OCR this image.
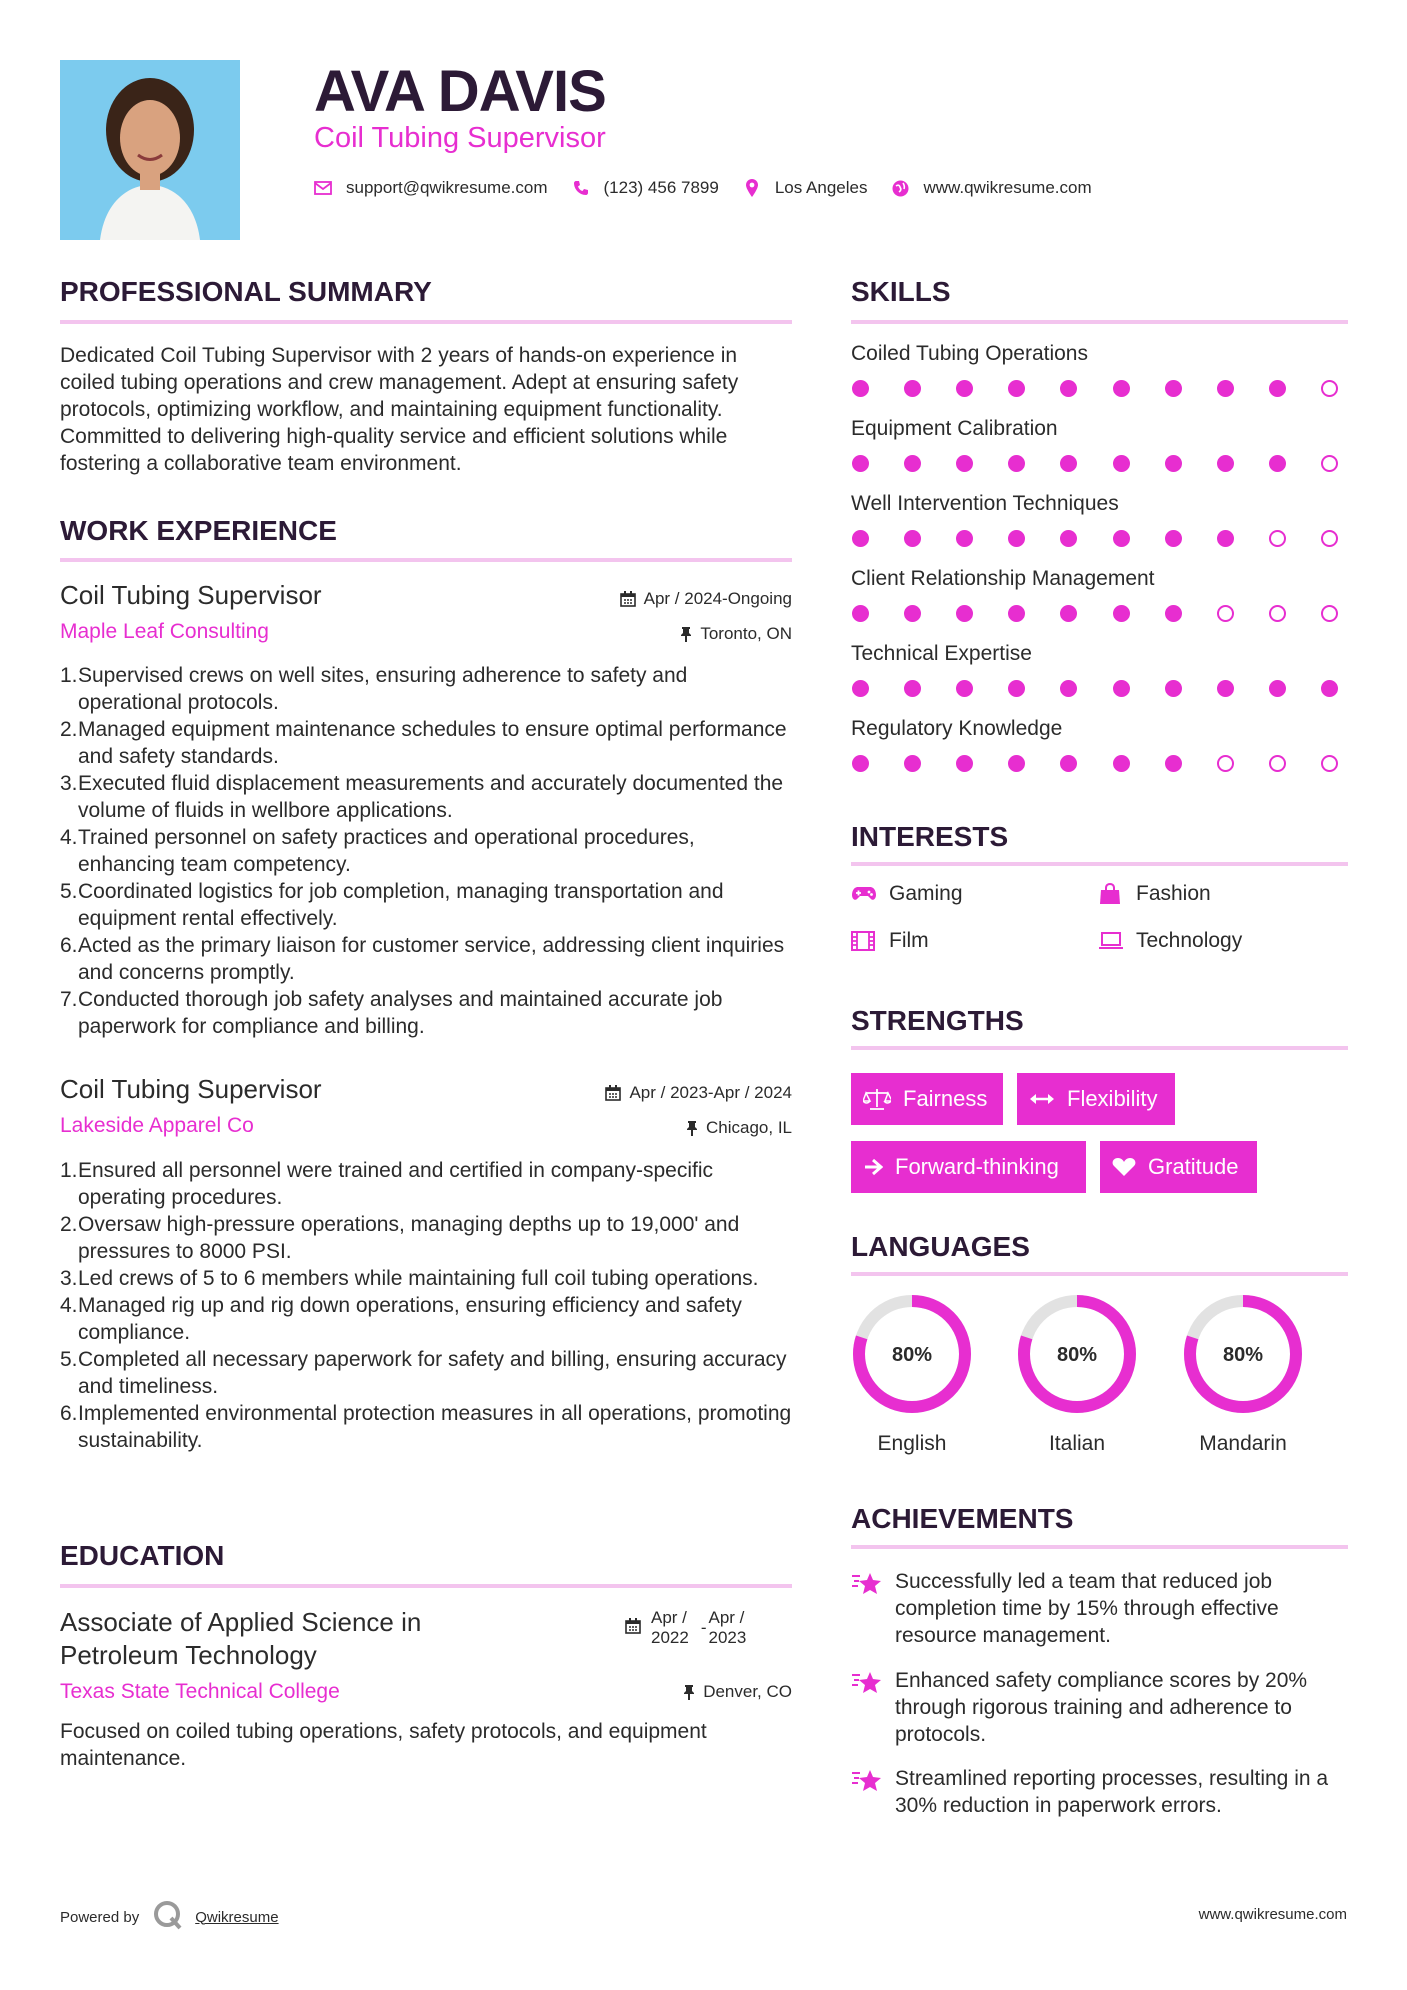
AVA DAVIS
Coil Tubing Supervisor
support@qwikresume.com	(123) 456 7899	Los Angeles	www.qwikresume.com
PROFESSIONAL SUMMARY
Dedicated Coil Tubing Supervisor with 2 years of hands-on experience in coiled tubing operations and crew management. Adept at ensuring safety protocols, optimizing workflow, and maintaining equipment functionality. Committed to delivering high-quality service and efficient solutions while fostering a collaborative team environment.
WORK EXPERIENCE
Coil Tubing Supervisor
Maple Leaf Consulting
Apr / 2024-Ongoing
Toronto, ON
1. Supervised crews on well sites, ensuring adherence to safety and operational protocols.
2. Managed equipment maintenance schedules to ensure optimal performance and safety standards.
3. Executed fluid displacement measurements and accurately documented the volume of fluids in wellbore applications.
4. Trained personnel on safety practices and operational procedures, enhancing team competency.
5. Coordinated logistics for job completion, managing transportation and equipment rental effectively.
6. Acted as the primary liaison for customer service, addressing client inquiries and concerns promptly.
7. Conducted thorough job safety analyses and maintained accurate job paperwork for compliance and billing.
Coil Tubing Supervisor
Lakeside Apparel Co
Apr / 2023-Apr / 2024
Chicago, IL
1. Ensured all personnel were trained and certified in company-specific operating procedures.
2. Oversaw high-pressure operations, managing depths up to 19,000' and pressures to 8000 PSI.
3. Led crews of 5 to 6 members while maintaining full coil tubing operations.
4. Managed rig up and rig down operations, ensuring efficiency and safety compliance.
5. Completed all necessary paperwork for safety and billing, ensuring accuracy and timeliness.
6. Implemented environmental protection measures in all operations, promoting sustainability.
EDUCATION
Associate of Applied Science in
Petroleum Technology
Texas State Technical College
Apr /
2022
-
Apr /
2023
Denver, CO
Focused on coiled tubing operations, safety protocols, and equipment maintenance.
SKILLS
Coiled Tubing Operations
Equipment Calibration
Well Intervention Techniques
Client Relationship Management
Technical Expertise
Regulatory Knowledge
INTERESTS
Gaming	Fashion
Film	Technology
STRENGTHS
Fairness	Flexibility
Forward-thinking	Gratitude
LANGUAGES
80%
English
80%
Italian
80%
Mandarin
ACHIEVEMENTS
Successfully led a team that reduced job completion time by 15% through effective resource management.
Enhanced safety compliance scores by 20% through rigorous training and adherence to protocols.
Streamlined reporting processes, resulting in a 30% reduction in paperwork errors.
Powered by	Qwikresume	www.qwikresume.com
